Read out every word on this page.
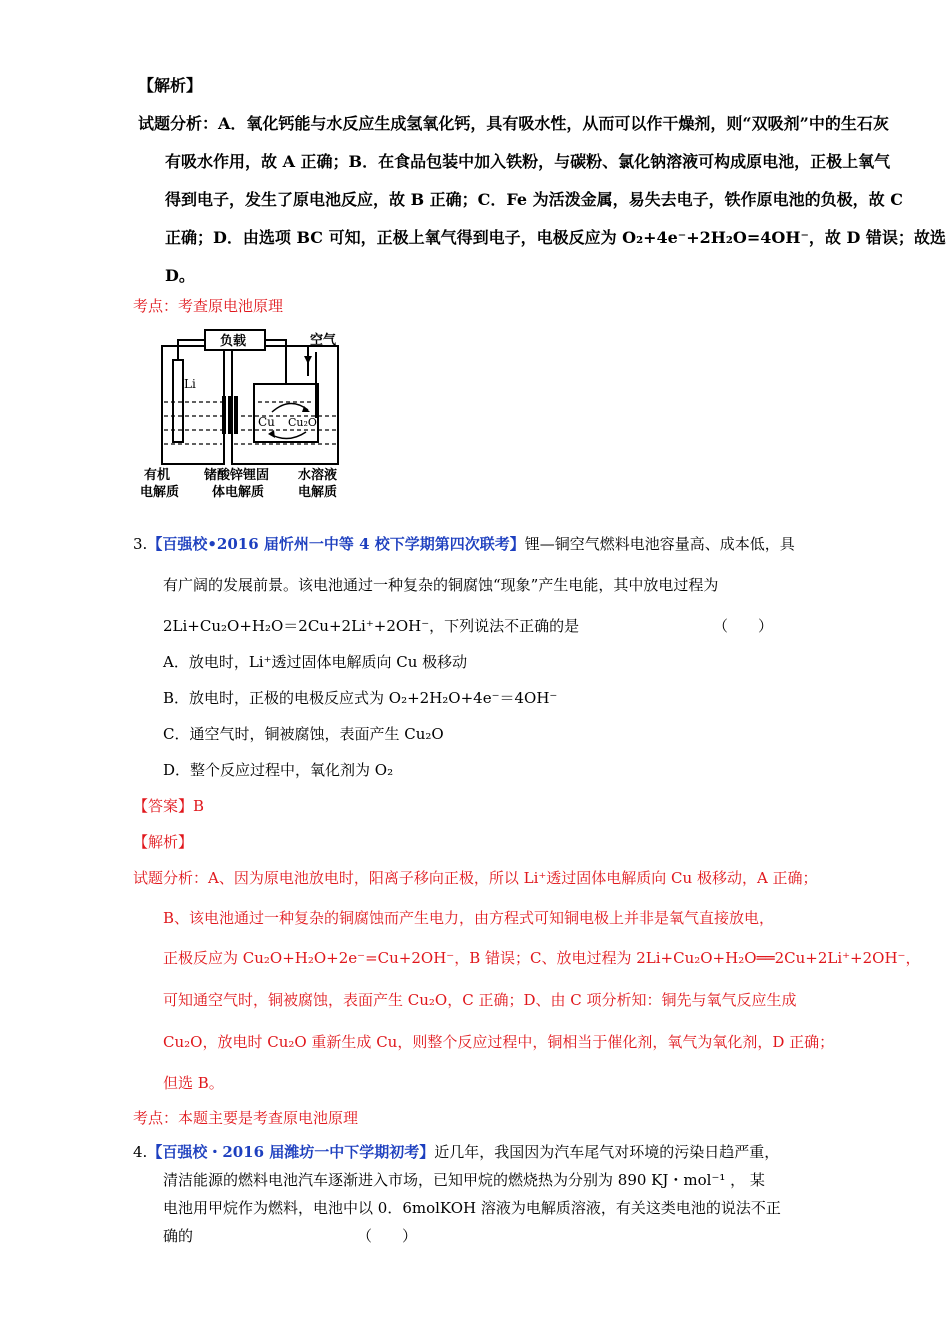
【解析】
试题分析：A．氧化钙能与水反应生成氢氧化钙，具有吸水性，从而可以作干燥剂，则“双吸剂”中的生石灰
有吸水作用，故 A 正确；B．在食品包装中加入铁粉，与碳粉、氯化钠溶液可构成原电池，正极上氧气
得到电子，发生了原电池反应，故 B 正确；C．Fe 为活泼金属，易失去电子，铁作原电池的负极，故 C
正确；D．由选项 BC 可知，正极上氧气得到电子，电极反应为 O₂+4e⁻+2H₂O=4OH⁻，故 D 错误；故选
D。
考点：考查原电池原理
负载	空气
Li
Cu Cu₂O
有机
电解质
锗酸锌锂固
体电解质
水溶液
电解质
3.【百强校•2016 届忻州一中等 4 校下学期第四次联考】锂—铜空气燃料电池容量高、成本低，具
有广阔的发展前景。该电池通过一种复杂的铜腐蚀“现象”产生电能，其中放电过程为
2Li+Cu₂O+H₂O＝2Cu+2Li⁺+2OH⁻，下列说法不正确的是	（　　）
A．放电时，Li⁺透过固体电解质向 Cu 极移动
B．放电时，正极的电极反应式为 O₂+2H₂O+4e⁻＝4OH⁻
C．通空气时，铜被腐蚀，表面产生 Cu₂O
D．整个反应过程中，氧化剂为 O₂
【答案】B
【解析】
试题分析：A、因为原电池放电时，阳离子移向正极，所以 Li⁺透过固体电解质向 Cu 极移动，A 正确；
B、该电池通过一种复杂的铜腐蚀而产生电力，由方程式可知铜电极上并非是氧气直接放电，
正极反应为 Cu₂O+H₂O+2e⁻=Cu+2OH⁻，B 错误；C、放电过程为 2Li+Cu₂O+H₂O══2Cu+2Li⁺+2OH⁻，
可知通空气时，铜被腐蚀，表面产生 Cu₂O，C 正确；D、由 C 项分析知：铜先与氧气反应生成
Cu₂O，放电时 Cu₂O 重新生成 Cu，则整个反应过程中，铜相当于催化剂，氧气为氧化剂，D 正确；
但选 B。
考点：本题主要是考查原电池原理
4.【百强校・2016 届潍坊一中下学期初考】近几年，我国因为汽车尾气对环境的污染日趋严重，
清洁能源的燃料电池汽车逐渐进入市场，已知甲烷的燃烧热为分别为 890 KJ・mol⁻¹ ， 某
电池用甲烷作为燃料，电池中以 0．6molKOH 溶液为电解质溶液，有关这类电池的说法不正
确的	（　　）
